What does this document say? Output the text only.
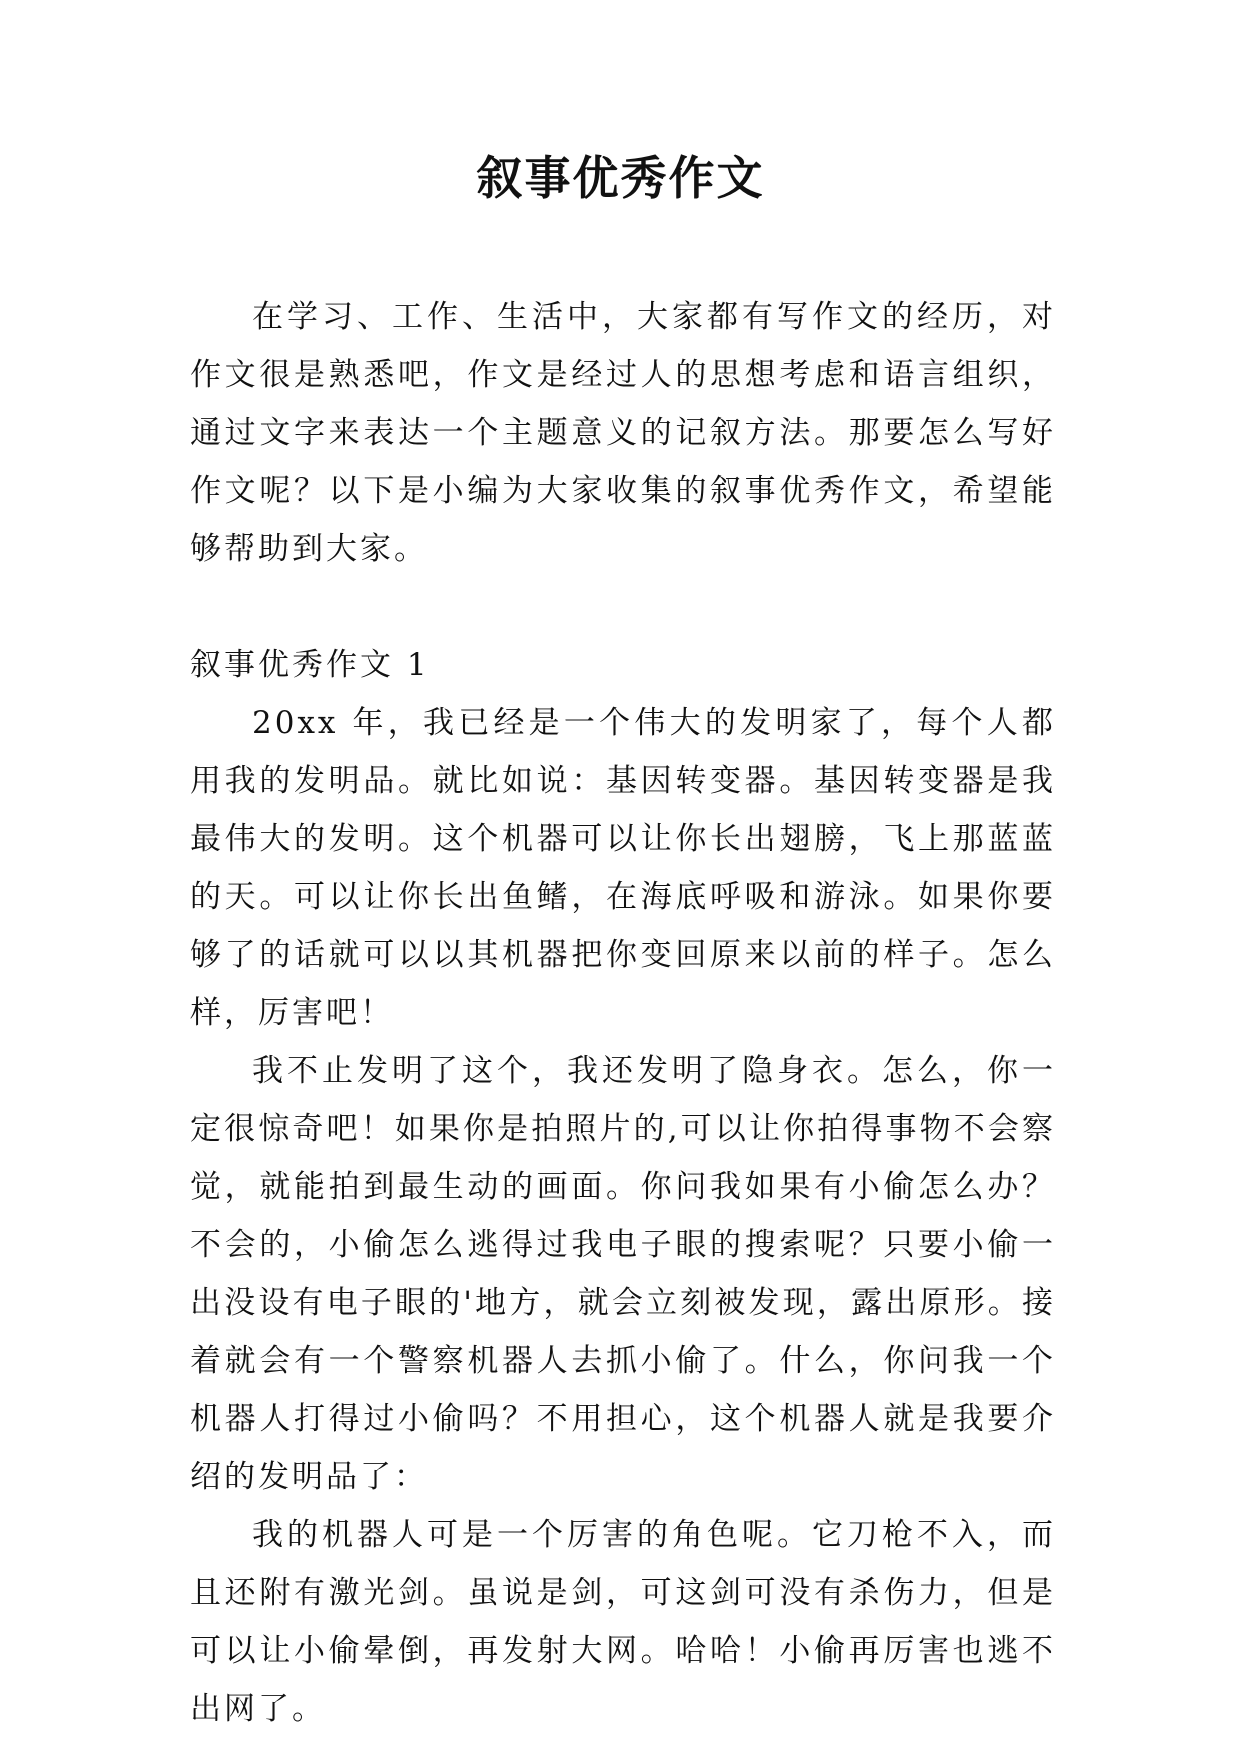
叙事优秀作文

在学习、工作、生活中，大家都有写作文的经历，对作文很是熟悉吧，作文是经过人的思想考虑和语言组织，通过文字来表达一个主题意义的记叙方法。那要怎么写好作文呢？以下是小编为大家收集的叙事优秀作文，希望能够帮助到大家。

叙事优秀作文 1

20xx 年，我已经是一个伟大的发明家了，每个人都用我的发明品。就比如说：基因转变器。基因转变器是我最伟大的发明。这个机器可以让你长出翅膀，飞上那蓝蓝的天。可以让你长出鱼鳍，在海底呼吸和游泳。如果你要够了的话就可以以其机器把你变回原来以前的样子。怎么样，厉害吧！

我不止发明了这个，我还发明了隐身衣。怎么，你一定很惊奇吧！如果你是拍照片的,可以让你拍得事物不会察觉，就能拍到最生动的画面。你问我如果有小偷怎么办？不会的，小偷怎么逃得过我电子眼的搜索呢？只要小偷一出没设有电子眼的'地方，就会立刻被发现，露出原形。接着就会有一个警察机器人去抓小偷了。什么，你问我一个机器人打得过小偷吗？不用担心，这个机器人就是我要介绍的发明品了：

我的机器人可是一个厉害的角色呢。它刀枪不入，而且还附有激光剑。虽说是剑，可这剑可没有杀伤力，但是可以让小偷晕倒，再发射大网。哈哈！小偷再厉害也逃不出网了。
